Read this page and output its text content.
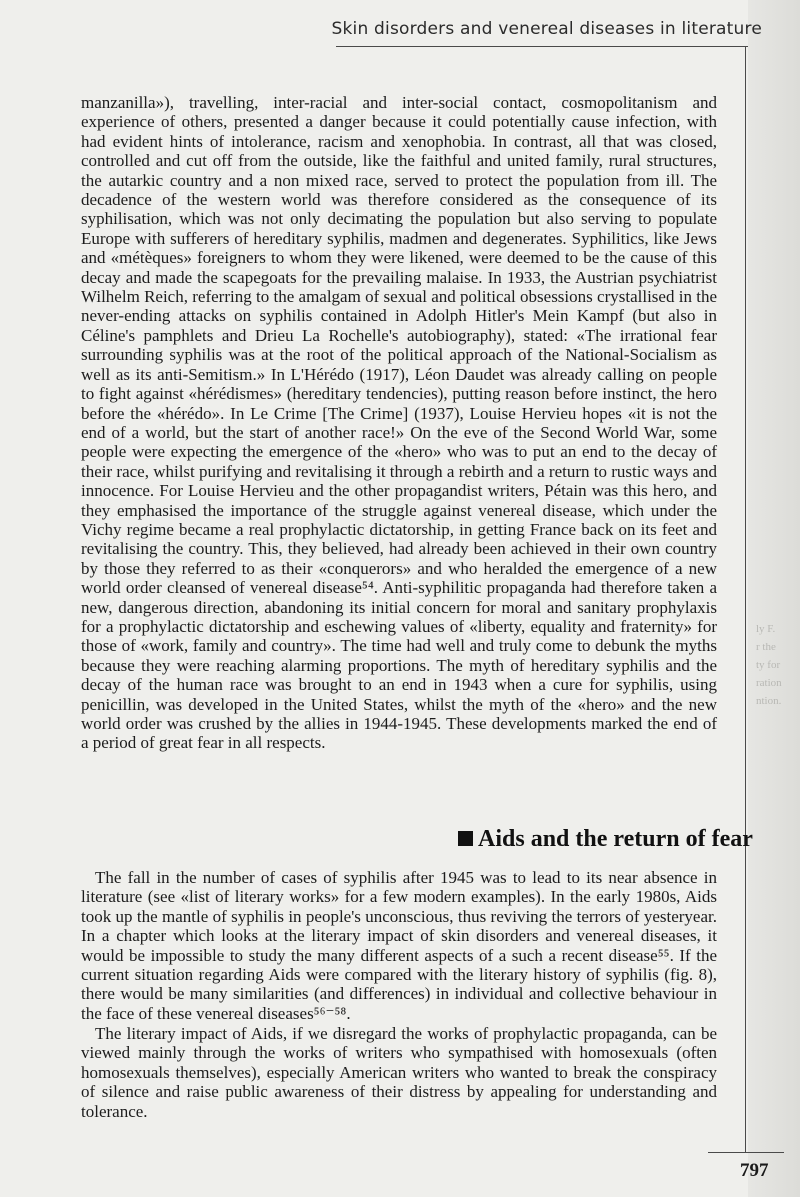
ly F.
r the
ty for
ration
ntion.
Skin disorders and venereal diseases in literature

manzanilla»), travelling, inter-racial and inter-social contact, cosmopolitanism and experience of others, presented a danger because it could potentially cause infection, with had evident hints of intolerance, racism and xenophobia. In contrast, all that was closed, controlled and cut off from the outside, like the faithful and united family, rural structures, the autarkic country and a non mixed race, served to protect the population from ill. The decadence of the western world was therefore considered as the consequence of its syphilisation, which was not only decimating the population but also serving to populate Europe with sufferers of hereditary syphilis, madmen and degenerates. Syphilitics, like Jews and «métèques» foreigners to whom they were likened, were deemed to be the cause of this decay and made the scapegoats for the prevailing malaise. In 1933, the Austrian psychiatrist Wilhelm Reich, referring to the amalgam of sexual and political obsessions crystallised in the never-ending attacks on syphilis contained in Adolph Hitler's Mein Kampf (but also in Céline's pamphlets and Drieu La Rochelle's autobiography), stated: «The irrational fear surrounding syphilis was at the root of the political approach of the National-Socialism as well as its anti-Semitism.» In L'Hérédo (1917), Léon Daudet was already calling on people to fight against «hérédismes» (hereditary tendencies), putting reason before instinct, the hero before the «hérédo». In Le Crime [The Crime] (1937), Louise Hervieu hopes «it is not the end of a world, but the start of another race!» On the eve of the Second World War, some people were expecting the emergence of the «hero» who was to put an end to the decay of their race, whilst purifying and revitalising it through a rebirth and a return to rustic ways and innocence. For Louise Hervieu and the other propagandist writers, Pétain was this hero, and they emphasised the importance of the struggle against venereal disease, which under the Vichy regime became a real prophylactic dictatorship, in getting France back on its feet and revitalising the country. This, they believed, had already been achieved in their own country by those they referred to as their «conquerors» and who heralded the emergence of a new world order cleansed of venereal disease⁵⁴. Anti-syphilitic propaganda had therefore taken a new, dangerous direction, abandoning its initial concern for moral and sanitary prophylaxis for a prophylactic dictatorship and eschewing values of «liberty, equality and fraternity» for those of «work, family and country». The time had well and truly come to debunk the myths because they were reaching alarming proportions. The myth of hereditary syphilis and the decay of the human race was brought to an end in 1943 when a cure for syphilis, using penicillin, was developed in the United States, whilst the myth of the «hero» and the new world order was crushed by the allies in 1944-1945. These developments marked the end of a period of great fear in all respects.

Aids and the return of fear

The fall in the number of cases of syphilis after 1945 was to lead to its near absence in literature (see «list of literary works» for a few modern examples). In the early 1980s, Aids took up the mantle of syphilis in people's unconscious, thus reviving the terrors of yesteryear. In a chapter which looks at the literary impact of skin disorders and venereal diseases, it would be impossible to study the many different aspects of a such a recent disease⁵⁵. If the current situation regarding Aids were compared with the literary history of syphilis (fig. 8), there would be many similarities (and differences) in individual and collective behaviour in the face of these venereal diseases⁵⁶⁻⁵⁸.

The literary impact of Aids, if we disregard the works of prophylactic propaganda, can be viewed mainly through the works of writers who sympathised with homosexuals (often homosexuals themselves), especially American writers who wanted to break the conspiracy of silence and raise public awareness of their distress by appealing for understanding and tolerance.

797
